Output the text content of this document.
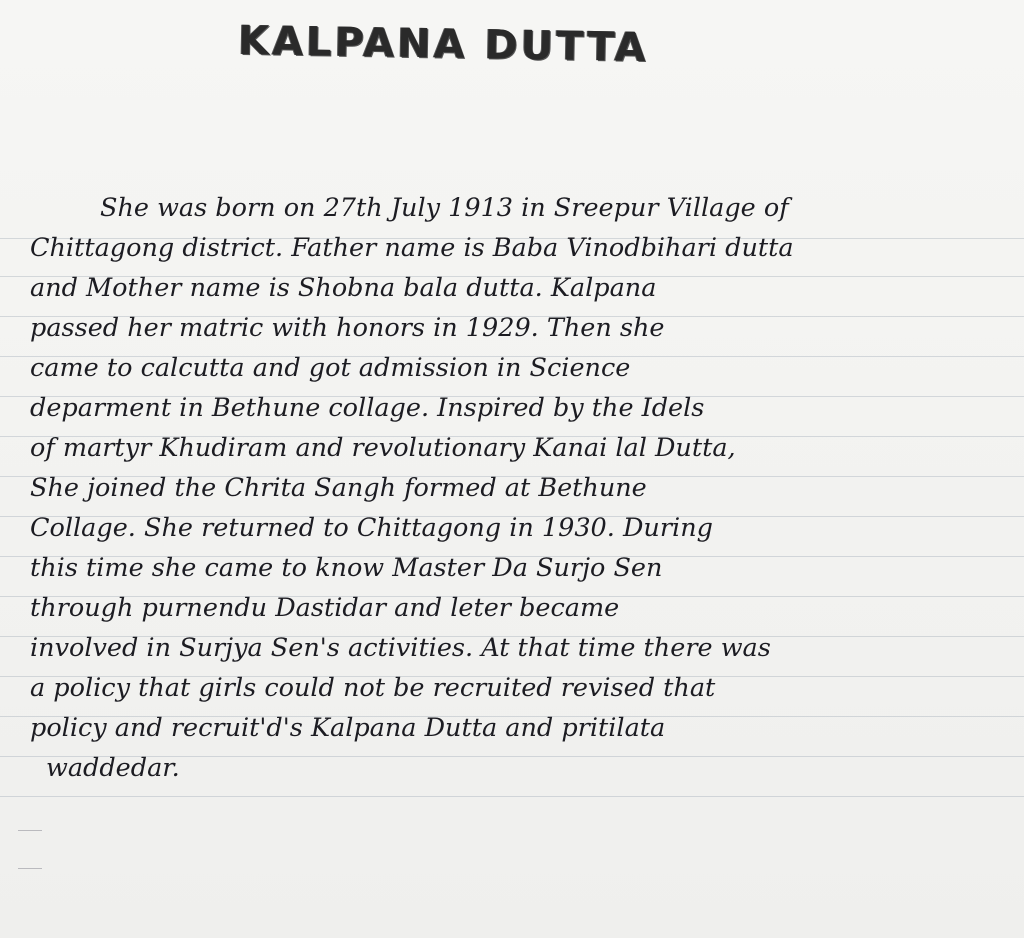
KALPANA DUTTA
She was born on 27th July 1913 in Sreepur Village of
Chittagong district. Father name is Baba Vinodbihari dutta
and Mother name is Shobna bala dutta. Kalpana
passed her matric with honors in 1929. Then she
came to calcutta and got admission in Science
deparment in Bethune collage. Inspired by the Idels
of martyr Khudiram and revolutionary Kanai lal Dutta,
She joined the Chrita Sangh formed at Bethune
Collage. She returned to Chittagong in 1930. During
this time she came to know Master Da Surjo Sen
through purnendu Dastidar and leter became
involved in Surjya Sen's activities. At that time there was
a policy that girls could not be recruited revised that
policy and recruit'd's Kalpana Dutta and pritilata
waddedar.
